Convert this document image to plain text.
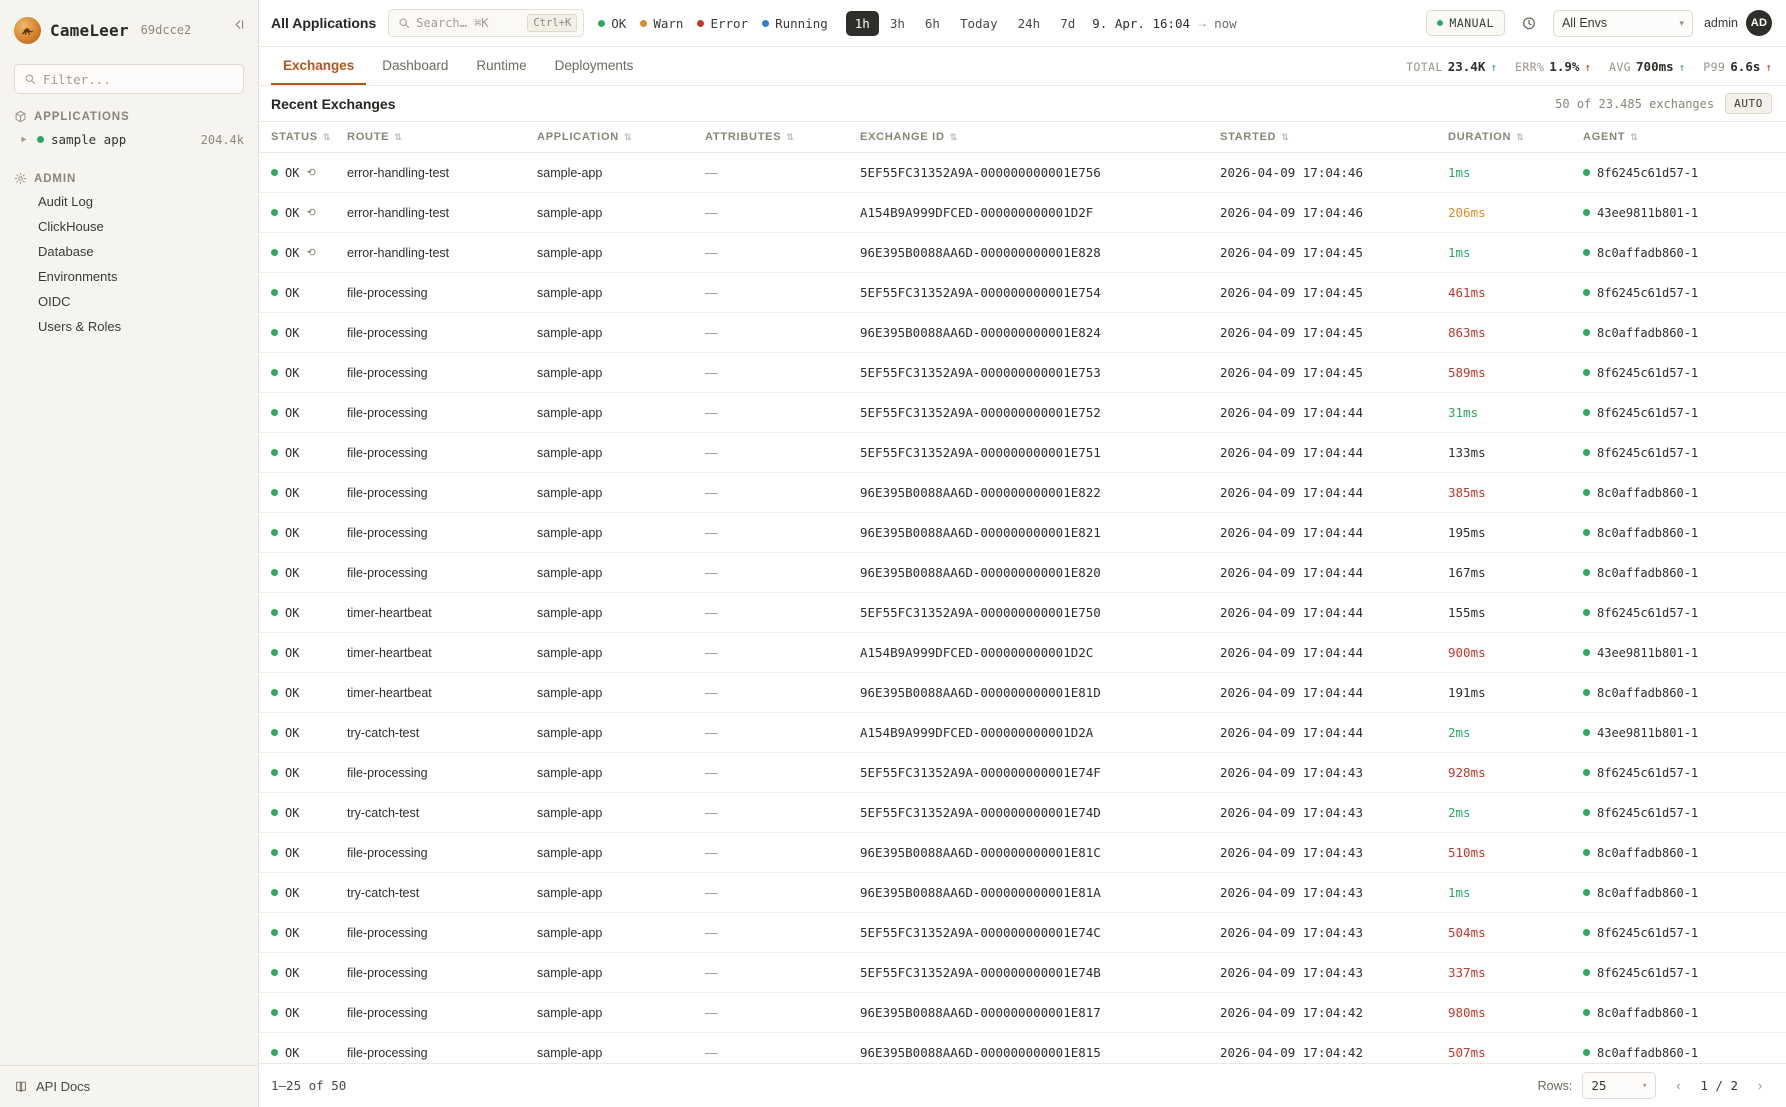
CameLeer 69dcce2
Filter...
APPLICATIONS
▸ sample app	204.4k
ADMIN
Audit Log
ClickHouse
Database
Environments
OIDC
Users & Roles
API Docs
All Applications	Search… ⌘K	Ctrl+K	OK Warn Error Running	1h	3h	6h	Today	24h	7d	9. Apr. 16:04 → now	MANUAL	All Envs	▾ admin	AD
Exchanges	Dashboard	Runtime	Deployments	TOTAL 23.4K ↑ ERR% 1.9% ↑ AVG 700ms ↑ P99 6.6s ↑
Recent Exchanges	50 of 23.485 exchanges	AUTO
STATUS ⇅	ROUTE ⇅	APPLICATION ⇅	ATTRIBUTES ⇅	EXCHANGE ID ⇅	STARTED ⇅	DURATION ⇅	AGENT ⇅

OK ⟲	error-handling-test	sample-app	—	5EF55FC31352A9A-000000000001E756	2026-04-09 17:04:46	1ms	8f6245c61d57-1

OK ⟲	error-handling-test	sample-app	—	A154B9A999DFCED-000000000001D2F	2026-04-09 17:04:46	206ms	43ee9811b801-1

OK ⟲	error-handling-test	sample-app	—	96E395B0088AA6D-000000000001E828	2026-04-09 17:04:45	1ms	8c0affadb860-1

OK	file-processing	sample-app	—	5EF55FC31352A9A-000000000001E754	2026-04-09 17:04:45	461ms	8f6245c61d57-1

OK	file-processing	sample-app	—	96E395B0088AA6D-000000000001E824	2026-04-09 17:04:45	863ms	8c0affadb860-1

OK	file-processing	sample-app	—	5EF55FC31352A9A-000000000001E753	2026-04-09 17:04:45	589ms	8f6245c61d57-1

OK	file-processing	sample-app	—	5EF55FC31352A9A-000000000001E752	2026-04-09 17:04:44	31ms	8f6245c61d57-1

OK	file-processing	sample-app	—	5EF55FC31352A9A-000000000001E751	2026-04-09 17:04:44	133ms	8f6245c61d57-1

OK	file-processing	sample-app	—	96E395B0088AA6D-000000000001E822	2026-04-09 17:04:44	385ms	8c0affadb860-1

OK	file-processing	sample-app	—	96E395B0088AA6D-000000000001E821	2026-04-09 17:04:44	195ms	8c0affadb860-1

OK	file-processing	sample-app	—	96E395B0088AA6D-000000000001E820	2026-04-09 17:04:44	167ms	8c0affadb860-1

OK	timer-heartbeat	sample-app	—	5EF55FC31352A9A-000000000001E750	2026-04-09 17:04:44	155ms	8f6245c61d57-1

OK	timer-heartbeat	sample-app	—	A154B9A999DFCED-000000000001D2C	2026-04-09 17:04:44	900ms	43ee9811b801-1

OK	timer-heartbeat	sample-app	—	96E395B0088AA6D-000000000001E81D	2026-04-09 17:04:44	191ms	8c0affadb860-1

OK	try-catch-test	sample-app	—	A154B9A999DFCED-000000000001D2A	2026-04-09 17:04:44	2ms	43ee9811b801-1

OK	file-processing	sample-app	—	5EF55FC31352A9A-000000000001E74F	2026-04-09 17:04:43	928ms	8f6245c61d57-1

OK	try-catch-test	sample-app	—	5EF55FC31352A9A-000000000001E74D	2026-04-09 17:04:43	2ms	8f6245c61d57-1

OK	file-processing	sample-app	—	96E395B0088AA6D-000000000001E81C	2026-04-09 17:04:43	510ms	8c0affadb860-1

OK	try-catch-test	sample-app	—	96E395B0088AA6D-000000000001E81A	2026-04-09 17:04:43	1ms	8c0affadb860-1

OK	file-processing	sample-app	—	5EF55FC31352A9A-000000000001E74C	2026-04-09 17:04:43	504ms	8f6245c61d57-1

OK	file-processing	sample-app	—	5EF55FC31352A9A-000000000001E74B	2026-04-09 17:04:43	337ms	8f6245c61d57-1

OK	file-processing	sample-app	—	96E395B0088AA6D-000000000001E817	2026-04-09 17:04:42	980ms	8c0affadb860-1

OK	file-processing	sample-app	—	96E395B0088AA6D-000000000001E815	2026-04-09 17:04:42	507ms	8c0affadb860-1
1–25 of 50	Rows: 25	▾	‹	1 / 2	›
